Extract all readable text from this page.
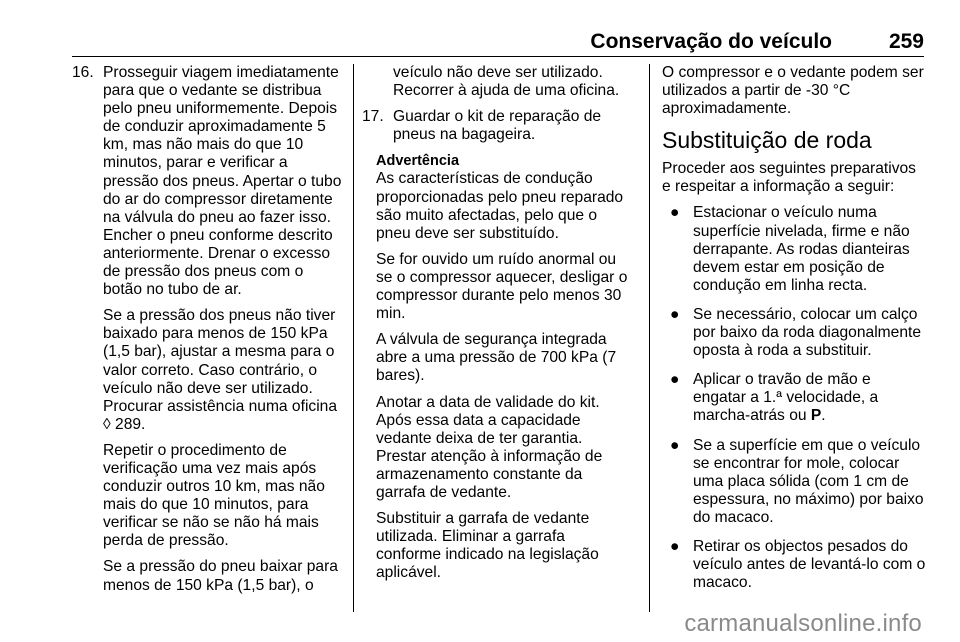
Conservação do veículo	259
16. Prosseguir viagem imediatamente para que o vedante se distribua pelo pneu uniformemente. Depois de conduzir aproximadamente 5 km, mas não mais do que 10 minutos, parar e verificar a pressão dos pneus. Apertar o tubo do ar do compressor diretamente na válvula do pneu ao fazer isso. Encher o pneu conforme descrito anteriormente. Drenar o excesso de pressão dos pneus com o botão no tubo de ar.

Se a pressão dos pneus não tiver baixado para menos de 150 kPa (1,5 bar), ajustar a mesma para o valor correto. Caso contrário, o veículo não deve ser utilizado. Procurar assistência numa oficina ◊ 289.

Repetir o procedimento de verificação uma vez mais após conduzir outros 10 km, mas não mais do que 10 minutos, para verificar se não se não há mais perda de pressão.

Se a pressão do pneu baixar para menos de 150 kPa (1,5 bar), o

veículo não deve ser utilizado. Recorrer à ajuda de uma oficina.

17. Guardar o kit de reparação de pneus na bagageira.

Advertência

As características de condução proporcionadas pelo pneu reparado são muito afectadas, pelo que o pneu deve ser substituído.

Se for ouvido um ruído anormal ou se o compressor aquecer, desligar o compressor durante pelo menos 30 min.

A válvula de segurança integrada abre a uma pressão de 700 kPa (7 bares).

Anotar a data de validade do kit. Após essa data a capacidade vedante deixa de ter garantia. Prestar atenção à informação de armazenamento constante da garrafa de vedante.

Substituir a garrafa de vedante utilizada. Eliminar a garrafa conforme indicado na legislação aplicável.

O compressor e o vedante podem ser utilizados a partir de -30 °C aproximadamente.

Substituição de roda

Proceder aos seguintes preparativos e respeitar a informação a seguir:

● Estacionar o veículo numa superfície nivelada, firme e não derrapante. As rodas dianteiras devem estar em posição de condução em linha recta.
● Se necessário, colocar um calço por baixo da roda diagonalmente oposta à roda a substituir.
● Aplicar o travão de mão e engatar a 1.ª velocidade, a marcha-atrás ou P.
● Se a superfície em que o veículo se encontrar for mole, colocar uma placa sólida (com 1 cm de espessura, no máximo) por baixo do macaco.
● Retirar os objectos pesados do veículo antes de levantá-lo com o macaco.
carmanualsonline.info
